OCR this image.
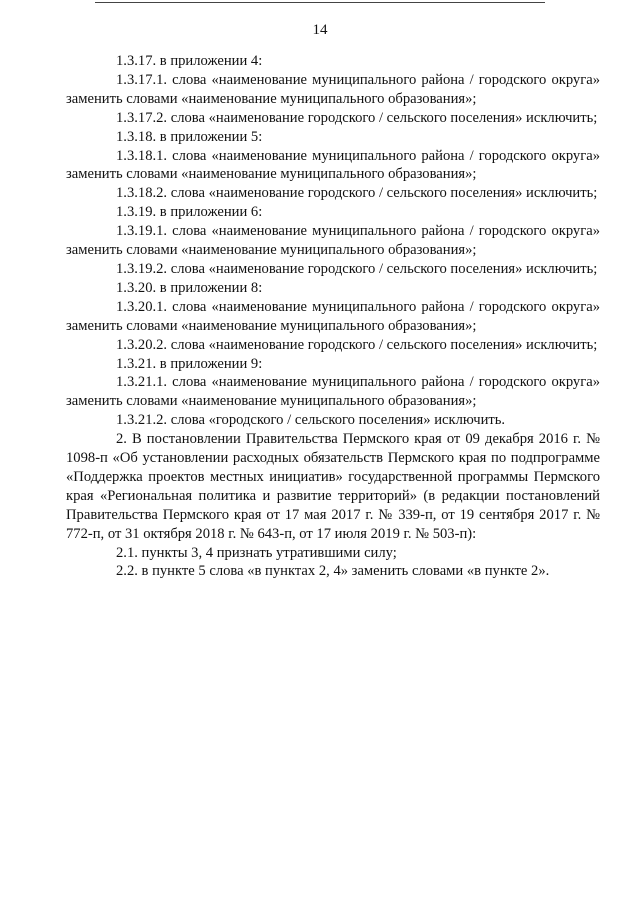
14

1.3.17. в приложении 4:

1.3.17.1. слова «наименование муниципального района / городского округа» заменить словами «наименование муниципального образования»;

1.3.17.2. слова «наименование городского / сельского поселения» исключить;

1.3.18. в приложении 5:

1.3.18.1. слова «наименование муниципального района / городского округа» заменить словами «наименование муниципального образования»;

1.3.18.2. слова «наименование городского / сельского поселения» исключить;

1.3.19. в приложении 6:

1.3.19.1. слова «наименование муниципального района / городского округа» заменить словами «наименование муниципального образования»;

1.3.19.2. слова «наименование городского / сельского поселения» исключить;

1.3.20. в приложении 8:

1.3.20.1. слова «наименование муниципального района / городского округа» заменить словами «наименование муниципального образования»;

1.3.20.2. слова «наименование городского / сельского поселения» исключить;

1.3.21. в приложении 9:

1.3.21.1. слова «наименование муниципального района / городского округа» заменить словами «наименование муниципального образования»;

1.3.21.2. слова «городского / сельского поселения» исключить.

2. В постановлении Правительства Пермского края от 09 декабря 2016 г. № 1098-п «Об установлении расходных обязательств Пермского края по подпрограмме «Поддержка проектов местных инициатив» государственной программы Пермского края «Региональная политика и развитие территорий» (в редакции постановлений Правительства Пермского края от 17 мая 2017 г. № 339-п, от 19 сентября 2017 г. № 772-п, от 31 октября 2018 г. № 643-п, от 17 июля 2019 г. № 503-п):

2.1. пункты 3, 4 признать утратившими силу;

2.2. в пункте 5 слова «в пунктах 2, 4» заменить словами «в пункте 2».
